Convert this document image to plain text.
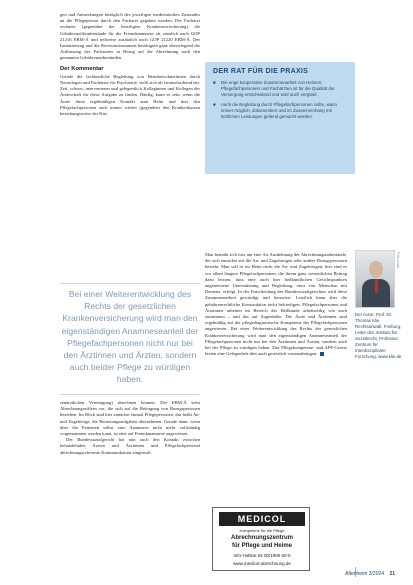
gen und Anmerkungen bezüglich des jeweiligen medizinischen Zustandes an die Pflegeperson durch den Facharzt gegeben wurden. Der Facharzt rechnete (gegenüber der beteiligten Krankenversicherung) die Gebührenziffernbestände für die Fremdanamnese ab, nämlich nach GOP 21216 EBM-Ä und teilweise zusätzlich nach GOP 21220 EBM-Ä. Der Instanzenzug und die Revisionsinstanzen bestätigten ganz überwiegend die Auffassung des Facharztes in Bezug auf die Abrechnung nach den genannten Gebührentatbeständen.

Der Kommentar

Gerade die fachärztliche Begleitung von Heimbewohnerinnen durch Neurologen und Fachärzte für Psychiatrie, stellt sich als herausfordernd dar. Zeit, schwer, intervenieren und gelegentlich Kolleginnen und Kollegen der Ärzteschaft für diese Aufgabe zu finden. Häufig, kann es sein, wenn die Ärzte ihren regelmäßigen Kontakt zum Heim und dort den Pflegefachpersonen auch immer wieder (gegenüber den Krankenkassen beziehungsweise der Kas-

DER RAT FÜR DIE PRAXIS
■ Die enge kooperative Zusammenarbeit von Heimen, Pflegefachpersonen und Fachärzten ist für die Qualität der Versorgung entscheidend und wird auch vergütet.
■ Auch die Begleitung durch Pflegefachpersonen sollte, wann immer möglich, dokumentiert und im Zusammenhang mit ärztlichen Leistungen geltend gemacht werden.
Bei einer Weiterentwicklung des Rechts der gesetzlichen Krankenversicherung wird man den eigenständigen Anamneseanteil der Pflegefachpersonen nicht nur bei den Ärztinnen und Ärzten, sondern auch beider Pflege zu würdigen haben.

senärztlichen Vereinigung) abrechnen können. Der EBM-Ä sieht Abrechnungsziffern vor, die sich auf die Befragung von Bezugspersonen beziehen. Im Blick sind hier zunächst einmal Pflegepersonen, das heißt An- und Zugehörige, die Betreuungsaufgaben übernehmen. Gerade dann, wenn über die Patienten selbst eine Anamnese nicht mehr vollständig vorgenommen werden kann, ist eine auf Fremdanamnese angewiesen.

Der Bundessozialgericht hat nun auch den Kontakt zwischen behandelnden Ärzten und Ärztinnen und Pflegefachpersonal abrechnungsrelevante Kommunikation eingestuft.

Man bemüht sich hier um eine Art Ausdehnung der Abrechnungstatbestände, der sich zunächst auf die An- und Zugehörigen oder andere Bezugspersonen bezieht. Man soll es im Heim nicht die An- und Zugehörigen, hier sind es vor allem längere Pflegefachpersonen, die ihrem ganz wesentlichen Beitrag dazu leisten, dass eine auch hier heilkundlichen Gesichtspunkten angemessene Unterstützung und Begleitung, etwa von Menschen mit Demenz, erfolgt. In der Entscheidung des Bundessozialgerichtes wird diese Zusammenarbeit gewürdigt und honoriert. Letztlich kann aber die gebührenrechtliche Konstruktion nicht befriedigen: Pflegefachpersonen und Ärztinnen arbeiten im Bereich der Heilkunde arbeitsteilig wie auch zusammen – und das auf Augenhöhe. Die Ärzte und Ärztinnen sind regelmäßig auf die pflegediagnostische Kompetenz der Pflegefachpersonen angewiesen. Bei einer Weiterentwicklung des Rechts der gesetzlichen Krankenversicherung wird man den eigenständigen Anamneseanteil der Pflegefachpersonen nicht nur bei den Ärztinnen und Ärzten, sondern auch bei der Pflege zu würdigen haben. Das Pflegekompetenz- und APP-Gesetz bieten eine Gelegenheit dies auch gesetzlich voranzubringen.

Foto: privat
Der Autor: Prof. Dr. Thomas Klie, Rechtsanwalt, Freiburg, Leiter des Instituts für Sozialrecht, Professor, Zentrum für Interdisziplinäre Forschung, www.klie.de
MEDICOL
Kompetenz für die Pflege
Abrechnungszentrum
für Pflege und Heime
Info-Hotline 04 00/1900 50-0
www.medicol-abrechnung.de
Altenheim 3/2024 21
